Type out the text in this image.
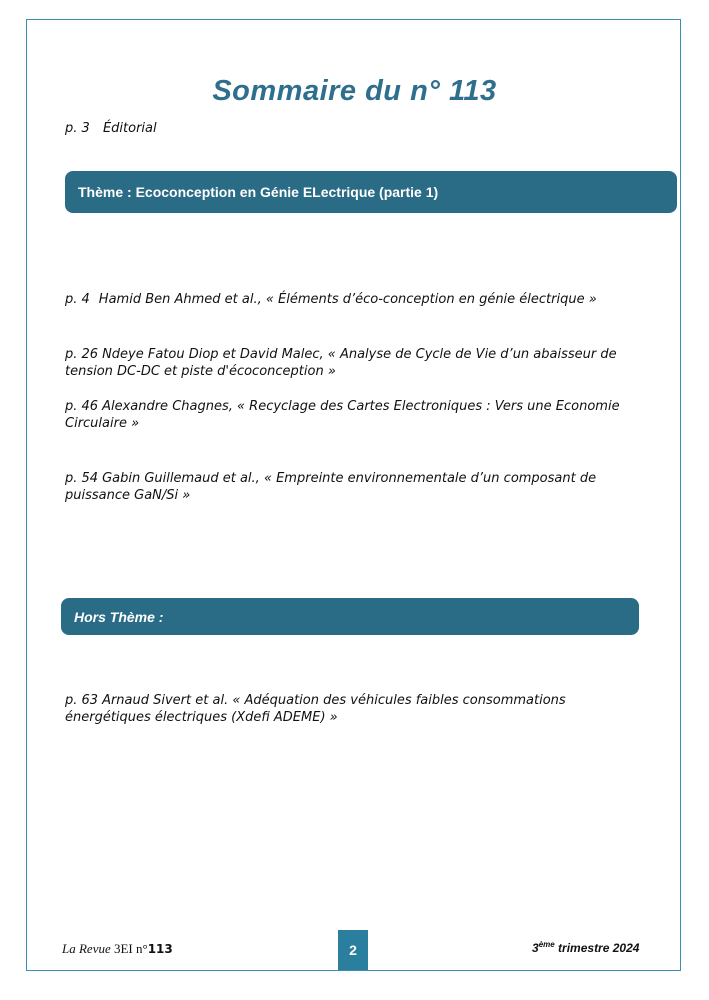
Sommaire du n° 113
p. 3 Éditorial
Thème : Ecoconception en Génie ELectrique (partie 1)
p. 4 Hamid Ben Ahmed et al., « Éléments d’éco-conception en génie électrique »
p. 26 Ndeye Fatou Diop et David Malec, « Analyse de Cycle de Vie d’un abaisseur de
tension DC-DC et piste d'écoconception »
p. 46 Alexandre Chagnes, « Recyclage des Cartes Electroniques : Vers une Economie
Circulaire »
p. 54 Gabin Guillemaud et al., « Empreinte environnementale d’un composant de
puissance GaN/Si »
Hors Thème :
p. 63 Arnaud Sivert et al. « Adéquation des véhicules faibles consommations
énergétiques électriques (Xdefi ADEME) »
La Revue 3EI n°113	2	3ème trimestre 2024
